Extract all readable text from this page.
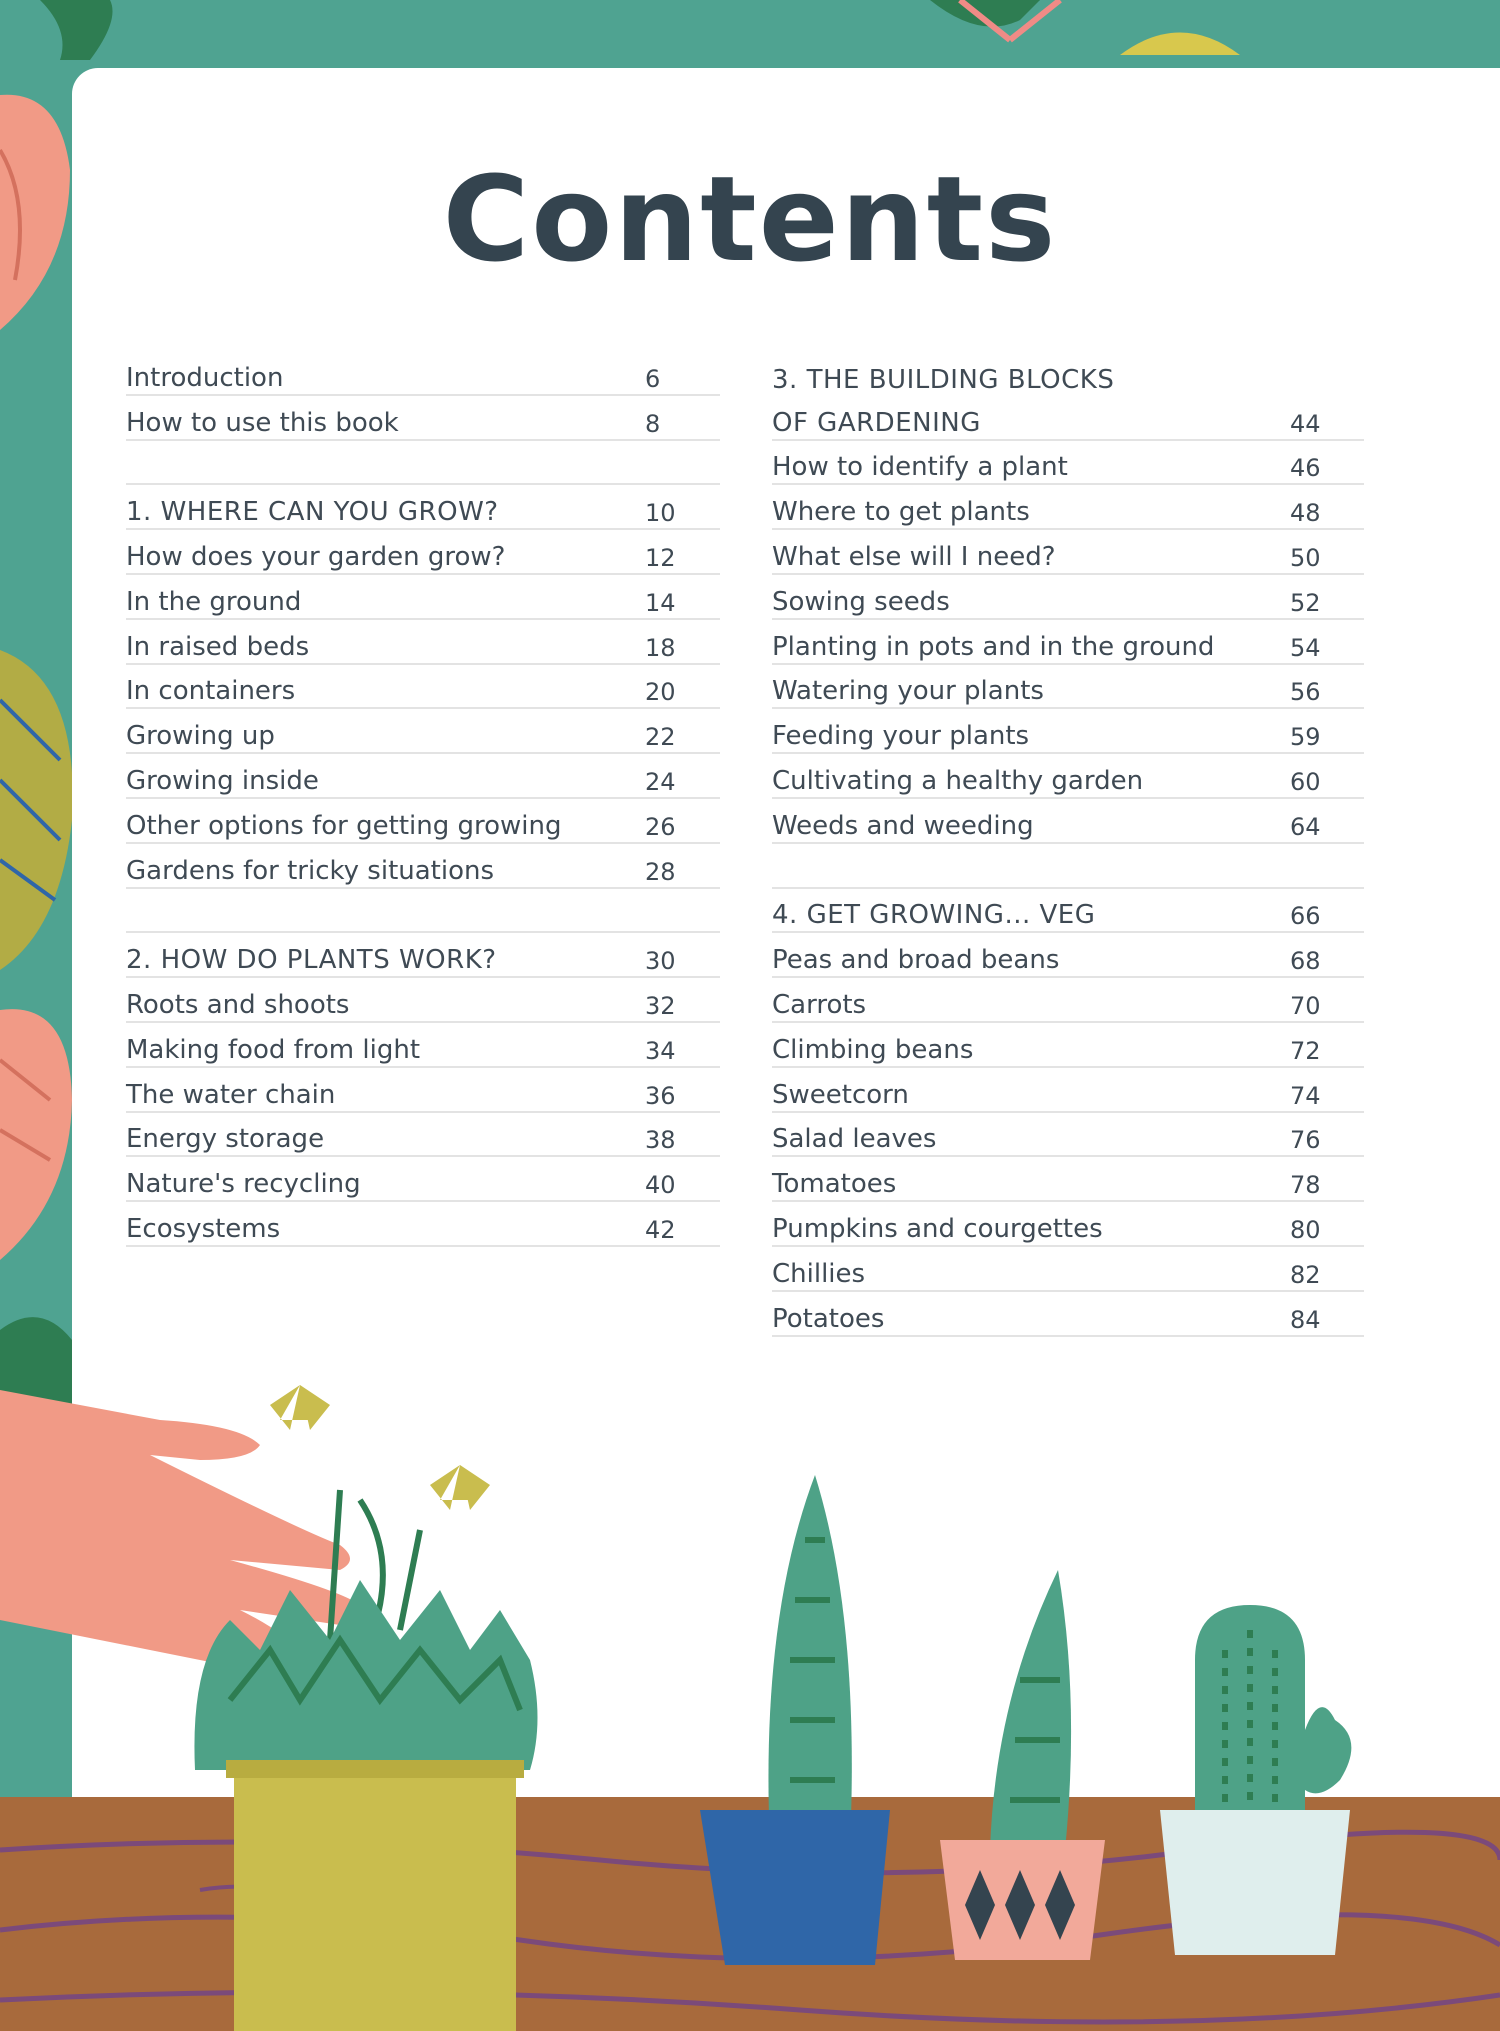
Contents
Introduction	6
How to use this book	8
1. WHERE CAN YOU GROW?	10
How does your garden grow?	12
In the ground	14
In raised beds	18
In containers	20
Growing up	22
Growing inside	24
Other options for getting growing	26
Gardens for tricky situations	28
2. HOW DO PLANTS WORK?	30
Roots and shoots	32
Making food from light	34
The water chain	36
Energy storage	38
Nature's recycling	40
Ecosystems	42
3. THE BUILDING BLOCKS
OF GARDENING	44
How to identify a plant	46
Where to get plants	48
What else will I need?	50
Sowing seeds	52
Planting in pots and in the ground	54
Watering your plants	56
Feeding your plants	59
Cultivating a healthy garden	60
Weeds and weeding	64
4. GET GROWING... VEG	66
Peas and broad beans	68
Carrots	70
Climbing beans	72
Sweetcorn	74
Salad leaves	76
Tomatoes	78
Pumpkins and courgettes	80
Chillies	82
Potatoes	84
